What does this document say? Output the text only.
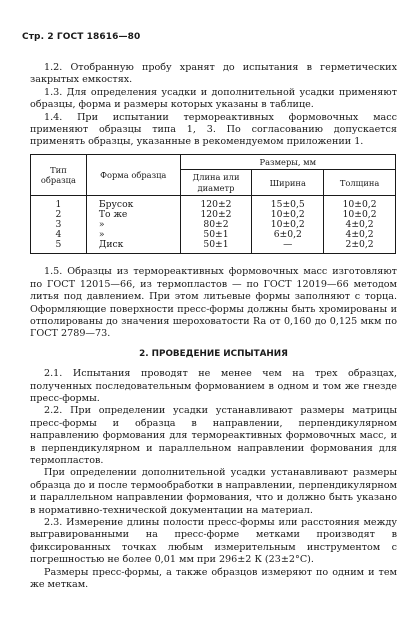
Стр. 2 ГОСТ 18616—80

1.2. Отобранную пробу хранят до испытания в герметических закрытых емкостях.

1.3. Для определения усадки и дополнительной усадки применяют образцы, форма и размеры которых указаны в таблице.

1.4. При испытании термореактивных формовочных масс применяют образцы типа 1, 3. По согласованию допускается применять образцы, указанные в рекомендуемом приложении 1.

Тип образца	Форма образца	Размеры, мм		
		Длина или диаметр	Ширина	Толщина
1	Брусок	120±2	15±0,5	10±0,2
2	То же	120±2	10±0,2	10±0,2
3	»	80±2	10±0,2	4±0,2
4	»	50±1	6±0,2	4±0,2
5	Диск	50±1	—	2±0,2

1.5. Образцы из термореактивных формовочных масс изготовляют по ГОСТ 12015—66, из термопластов — по ГОСТ 12019—66 методом литья под давлением. При этом литьевые формы заполняют с торца. Оформляющие поверхности пресс-формы должны быть хромированы и отполированы до значения шероховатости Ra от 0,160 до 0,125 мкм по ГОСТ 2789—73.

2. ПРОВЕДЕНИЕ ИСПЫТАНИЯ

2.1. Испытания проводят не менее чем на трех образцах, полученных последовательным формованием в одном и том же гнезде пресс-формы.

2.2. При определении усадки устанавливают размеры матрицы пресс-формы и образца в направлении, перпендикулярном направлению формования для термореактивных формовочных масс, и в перпендикулярном и параллельном направлении формования для термопластов.

При определении дополнительной усадки устанавливают размеры образца до и после термообработки в направлении, перпендикулярном и параллельном направлении формования, что и должно быть указано в нормативно-технической документации на материал.

2.3. Измерение длины полости пресс-формы или расстояния между выгравированными на пресс-форме метками производят в фиксированных точках любым измерительным инструментом с погрешностью не более 0,01 мм при 296±2 К (23±2°С).

Размеры пресс-формы, а также образцов измеряют по одним и тем же меткам.
